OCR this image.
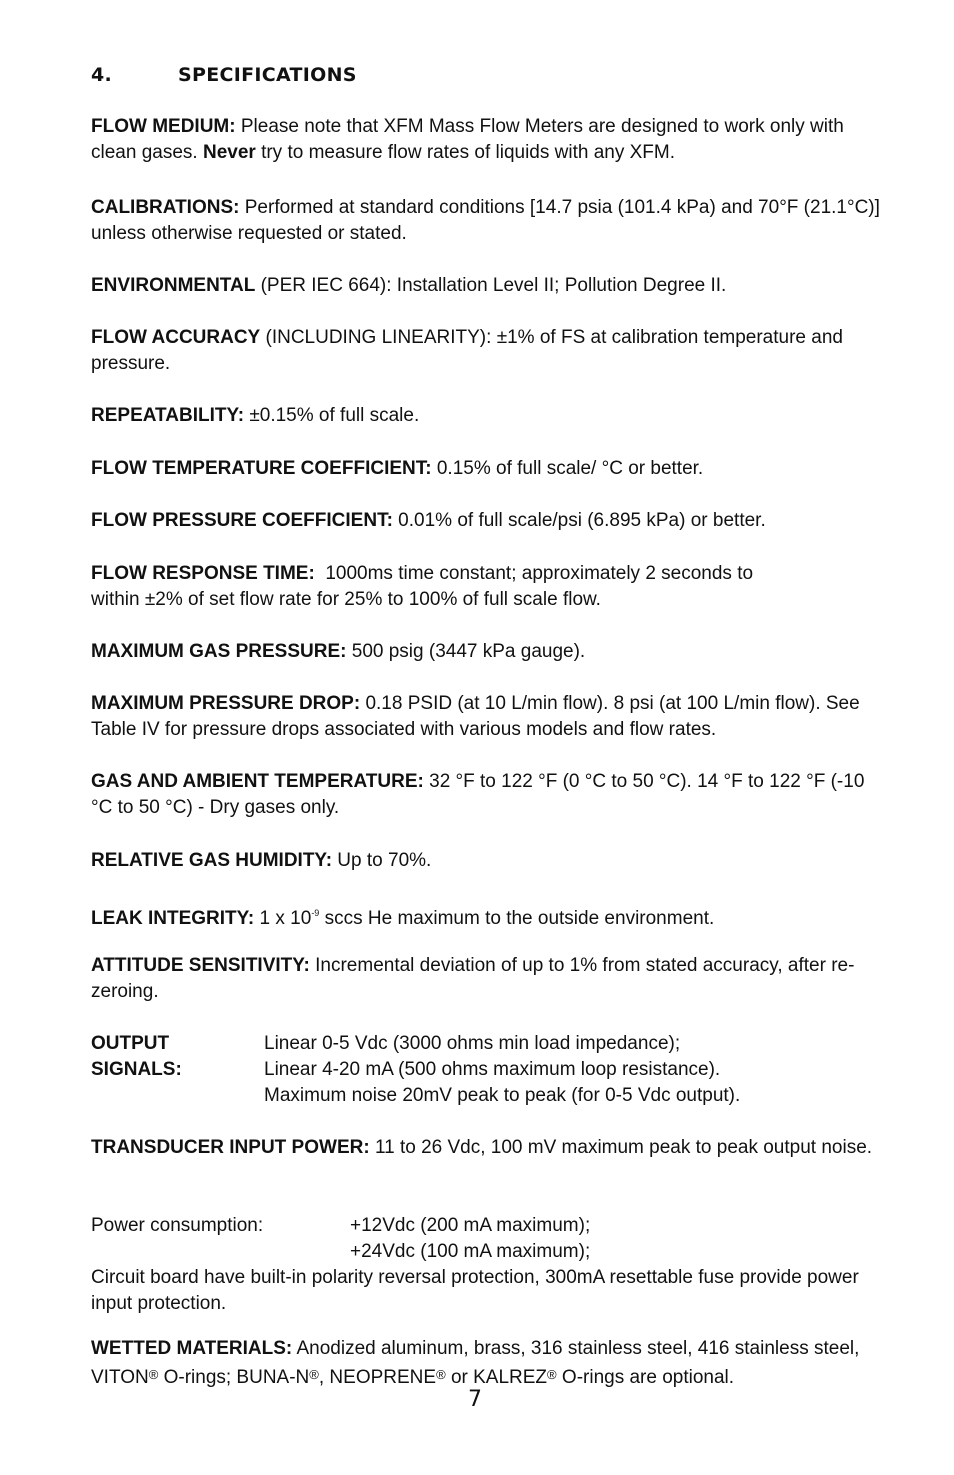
4.	SPECIFICATIONS
FLOW MEDIUM: Please note that XFM Mass Flow Meters are designed to work only with clean gases. Never try to measure flow rates of liquids with any XFM.
CALIBRATIONS: Performed at standard conditions [14.7 psia (101.4 kPa) and 70°F (21.1°C)] unless otherwise requested or stated.
ENVIRONMENTAL (PER IEC 664): Installation Level II; Pollution Degree II.
FLOW ACCURACY (INCLUDING LINEARITY): ±1% of FS at calibration temperature and pressure.
REPEATABILITY: ±0.15% of full scale.
FLOW TEMPERATURE COEFFICIENT: 0.15% of full scale/ °C or better.
FLOW PRESSURE COEFFICIENT: 0.01% of full scale/psi (6.895 kPa) or better.
FLOW RESPONSE TIME:  1000ms time constant; approximately 2 seconds to
within ±2% of set flow rate for 25% to 100% of full scale flow.
MAXIMUM GAS PRESSURE: 500 psig (3447 kPa gauge).
MAXIMUM PRESSURE DROP: 0.18 PSID (at 10 L/min flow). 8 psi (at 100 L/min flow). See Table IV for pressure drops associated with various models and flow rates.
GAS AND AMBIENT TEMPERATURE: 32 °F to 122 °F (0 °C to 50 °C). 14 °F to 122 °F (-10 °C to 50 °C) - Dry gases only.
RELATIVE GAS HUMIDITY: Up to 70%.
LEAK INTEGRITY: 1 x $10^{-9}$ sccs He maximum to the outside environment.
ATTITUDE SENSITIVITY: Incremental deviation of up to 1% from stated accuracy, after re-zeroing.
OUTPUT SIGNALS:
Linear 0-5 Vdc (3000 ohms min load impedance);
Linear 4-20 mA (500 ohms maximum loop resistance).
Maximum noise 20mV peak to peak (for 0-5 Vdc output).
TRANSDUCER INPUT POWER: 11 to 26 Vdc, 100 mV maximum peak to peak output noise.
Power consumption:	+12Vdc (200 mA maximum);
+24Vdc (100 mA maximum);
Circuit board have built-in polarity reversal protection, 300mA resettable fuse provide power input protection.
WETTED MATERIALS: Anodized aluminum, brass, 316 stainless steel, 416 stainless steel, VITON® O-rings; BUNA-N®, NEOPRENE® or KALREZ® O-rings are optional.
7
